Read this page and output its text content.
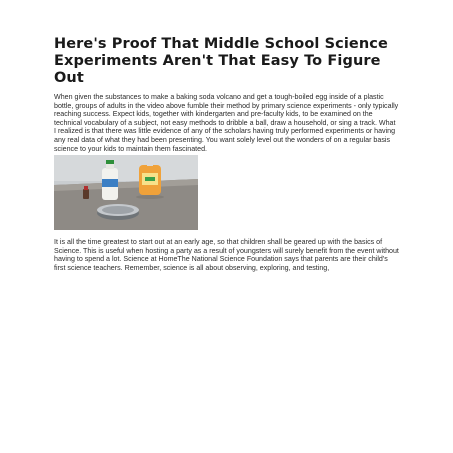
Here's Proof That Middle School Science Experiments Aren't That Easy To Figure Out

When given the substances to make a baking soda volcano and get a tough-boiled egg inside of a plastic bottle, groups of adults in the video above fumble their method by primary science experiments - only typically reaching success. Expect kids, together with kindergarten and pre-faculty kids, to be examined on the technical vocabulary of a subject, not easy methods to dribble a ball, draw a household, or sing a track. What I realized is that there was little evidence of any of the scholars having truly performed experiments or having any real data of what they had been presenting. You want solely level out the wonders of on a regular basis science to your kids to maintain them fascinated.

It is all the time greatest to start out at an early age, so that children shall be geared up with the basics of Science. This is useful when hosting a party as a result of youngsters will surely benefit from the event without having to spend a lot. Science at HomeThe National Science Foundation says that parents are their child's first science teachers. Remember, science is all about observing, exploring, and testing,
